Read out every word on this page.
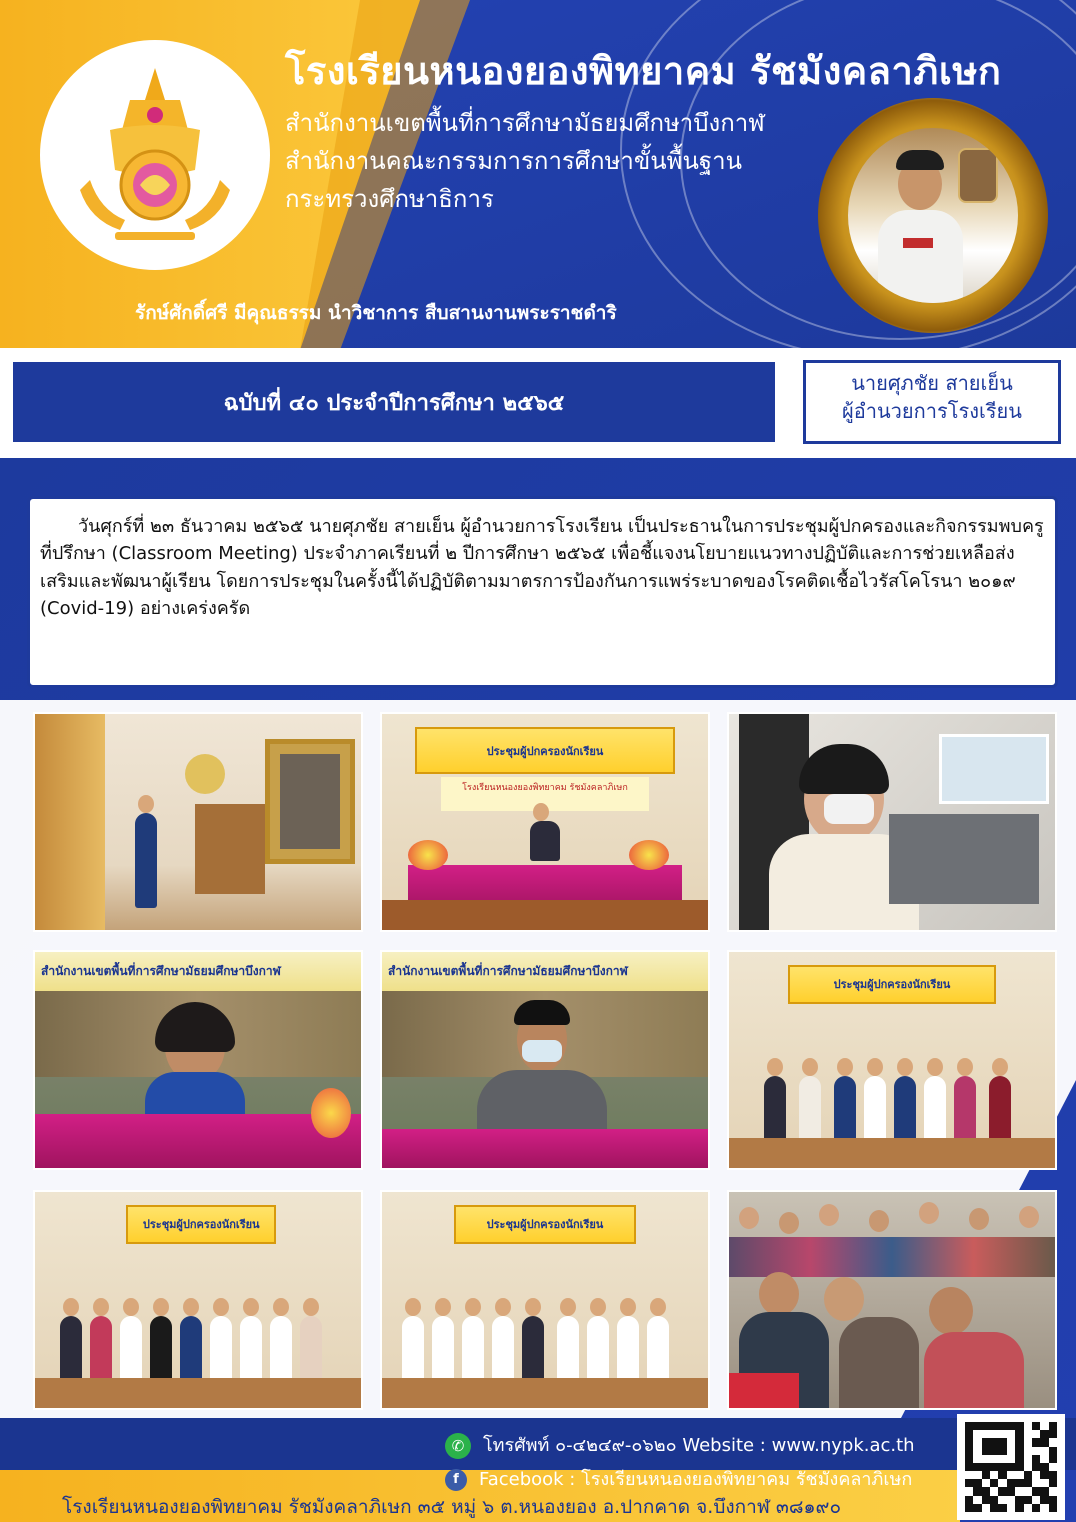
โรงเรียนหนองยองพิทยาคม รัชมังคลาภิเษก
สำนักงานเขตพื้นที่การศึกษามัธยมศึกษาบึงกาฬ
สำนักงานคณะกรรมการการศึกษาขั้นพื้นฐาน
กระทรวงศึกษาธิการ
รักษ์ศักดิ์ศรี มีคุณธรรม นำวิชาการ สืบสานงานพระราชดำริ
ฉบับที่ ๔๐ ประจำปีการศึกษา ๒๕๖๕
นายศุภชัย สายเย็น
ผู้อำนวยการโรงเรียน

วันศุกร์ที่ ๒๓ ธันวาคม ๒๕๖๕ นายศุภชัย สายเย็น ผู้อำนวยการโรงเรียน เป็นประธานในการประชุมผู้ปกครองและกิจกรรมพบครูที่ปรึกษา (Classroom Meeting) ประจำภาคเรียนที่ ๒ ปีการศึกษา ๒๕๖๕ เพื่อชี้แจงนโยบายแนวทางปฏิบัติและการช่วยเหลือส่งเสริมและพัฒนาผู้เรียน โดยการประชุมในครั้งนี้ได้ปฏิบัติตามมาตรการป้องกันการแพร่ระบาดของโรคติดเชื้อไวรัสโคโรนา ๒๐๑๙ (Covid-19) อย่างเคร่งครัด

ประชุมผู้ปกครองนักเรียน
โรงเรียนหนองยองพิทยาคม รัชมังคลาภิเษก
สำนักงานเขตพื้นที่การศึกษามัธยมศึกษาบึงกาฬ	สำนักงานเขตพื้นที่การศึกษามัธยมศึกษาบึงกาฬ
ประชุมผู้ปกครองนักเรียน
ประชุมผู้ปกครองนักเรียน	ประชุมผู้ปกครองนักเรียน
✆ โทรศัพท์ ๐-๔๒๔๙-๐๖๒๐ Website : www.nypk.ac.th
f Facebook : โรงเรียนหนองยองพิทยาคม รัชมังคลาภิเษก
โรงเรียนหนองยองพิทยาคม รัชมังคลาภิเษก ๓๕ หมู่ ๖ ต.หนองยอง อ.ปากคาด จ.บึงกาฬ ๓๘๑๙๐
